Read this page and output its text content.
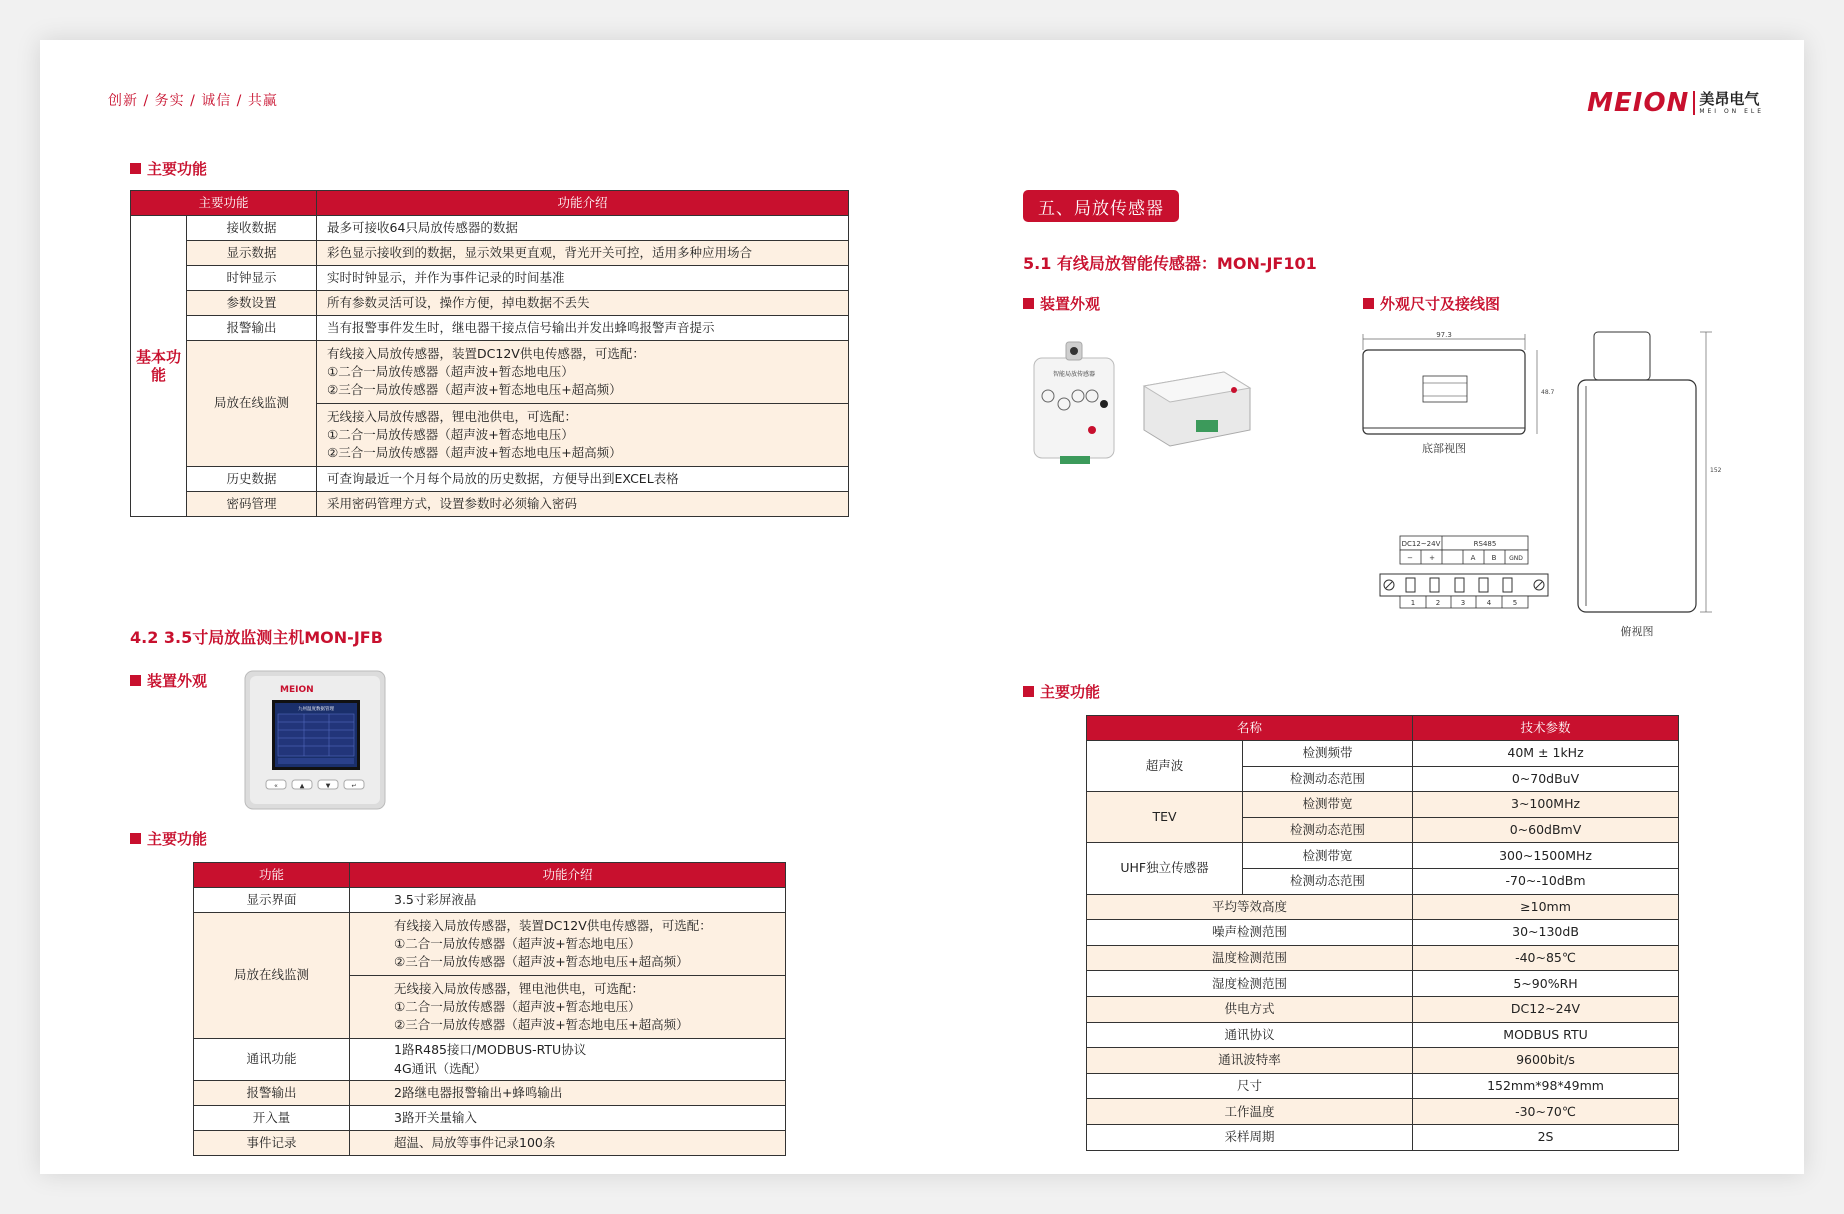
创新 / 务实 / 诚信 / 共赢	MEION 美昂电气
MEI ON ELE
主要功能
主要功能		功能介绍
基本功能	接收数据	最多可接收64只局放传感器的数据
	显示数据	彩色显示接收到的数据，显示效果更直观，背光开关可控，适用多种应用场合
	时钟显示	实时时钟显示，并作为事件记录的时间基准
	参数设置	所有参数灵活可设，操作方便，掉电数据不丢失
	报警输出	当有报警事件发生时，继电器干接点信号输出并发出蜂鸣报警声音提示
	局放在线监测	有线接入局放传感器，装置DC12V供电传感器，可选配：
①二合一局放传感器（超声波+暂态地电压）
②三合一局放传感器（超声波+暂态地电压+超高频）

		无线接入局放传感器，锂电池供电，可选配：
①二合一局放传感器（超声波+暂态地电压）
②三合一局放传感器（超声波+暂态地电压+超高频）

	历史数据	可查询最近一个月每个局放的历史数据，方便导出到EXCEL表格
	密码管理	采用密码管理方式，设置参数时必须输入密码
4.2 3.5寸局放监测主机MON-JFB
装置外观	MEION
九州温度数据管理
«	▲	▼	↵
主要功能
功能	功能介绍
显示界面	3.5寸彩屏液晶
局放在线监测	有线接入局放传感器，装置DC12V供电传感器，可选配：
①二合一局放传感器（超声波+暂态地电压）
②三合一局放传感器（超声波+暂态地电压+超高频）

	无线接入局放传感器，锂电池供电，可选配：
①二合一局放传感器（超声波+暂态地电压）
②三合一局放传感器（超声波+暂态地电压+超高频）

通讯功能	1路R485接口/MODBUS-RTU协议
4G通讯（选配）

报警输出	2路继电器报警输出+蜂鸣输出
开入量	3路开关量输入
事件记录	超温、局放等事件记录100条
五、局放传感器
5.1 有线局放智能传感器：MON-JF101
装置外观	外观尺寸及接线图
智能局放传感器
97.3
48.7
底部视图
DC12~24V	RS485
− +	A B GND
1	2	3	4	5
152
俯视图
主要功能
名称		技术参数
超声波	检测频带	40M ± 1kHz
	检测动态范围	0~70dBuV
TEV	检测带宽	3~100MHz
	检测动态范围	0~60dBmV
UHF独立传感器	检测带宽	300~1500MHz
	检测动态范围	-70~-10dBm
平均等效高度		≥10mm
噪声检测范围		30~130dB
温度检测范围		-40~85℃
湿度检测范围		5~90%RH
供电方式		DC12~24V
通讯协议		MODBUS RTU
通讯波特率		9600bit/s
尺寸		152mm*98*49mm
工作温度		-30~70℃
采样周期		2S
